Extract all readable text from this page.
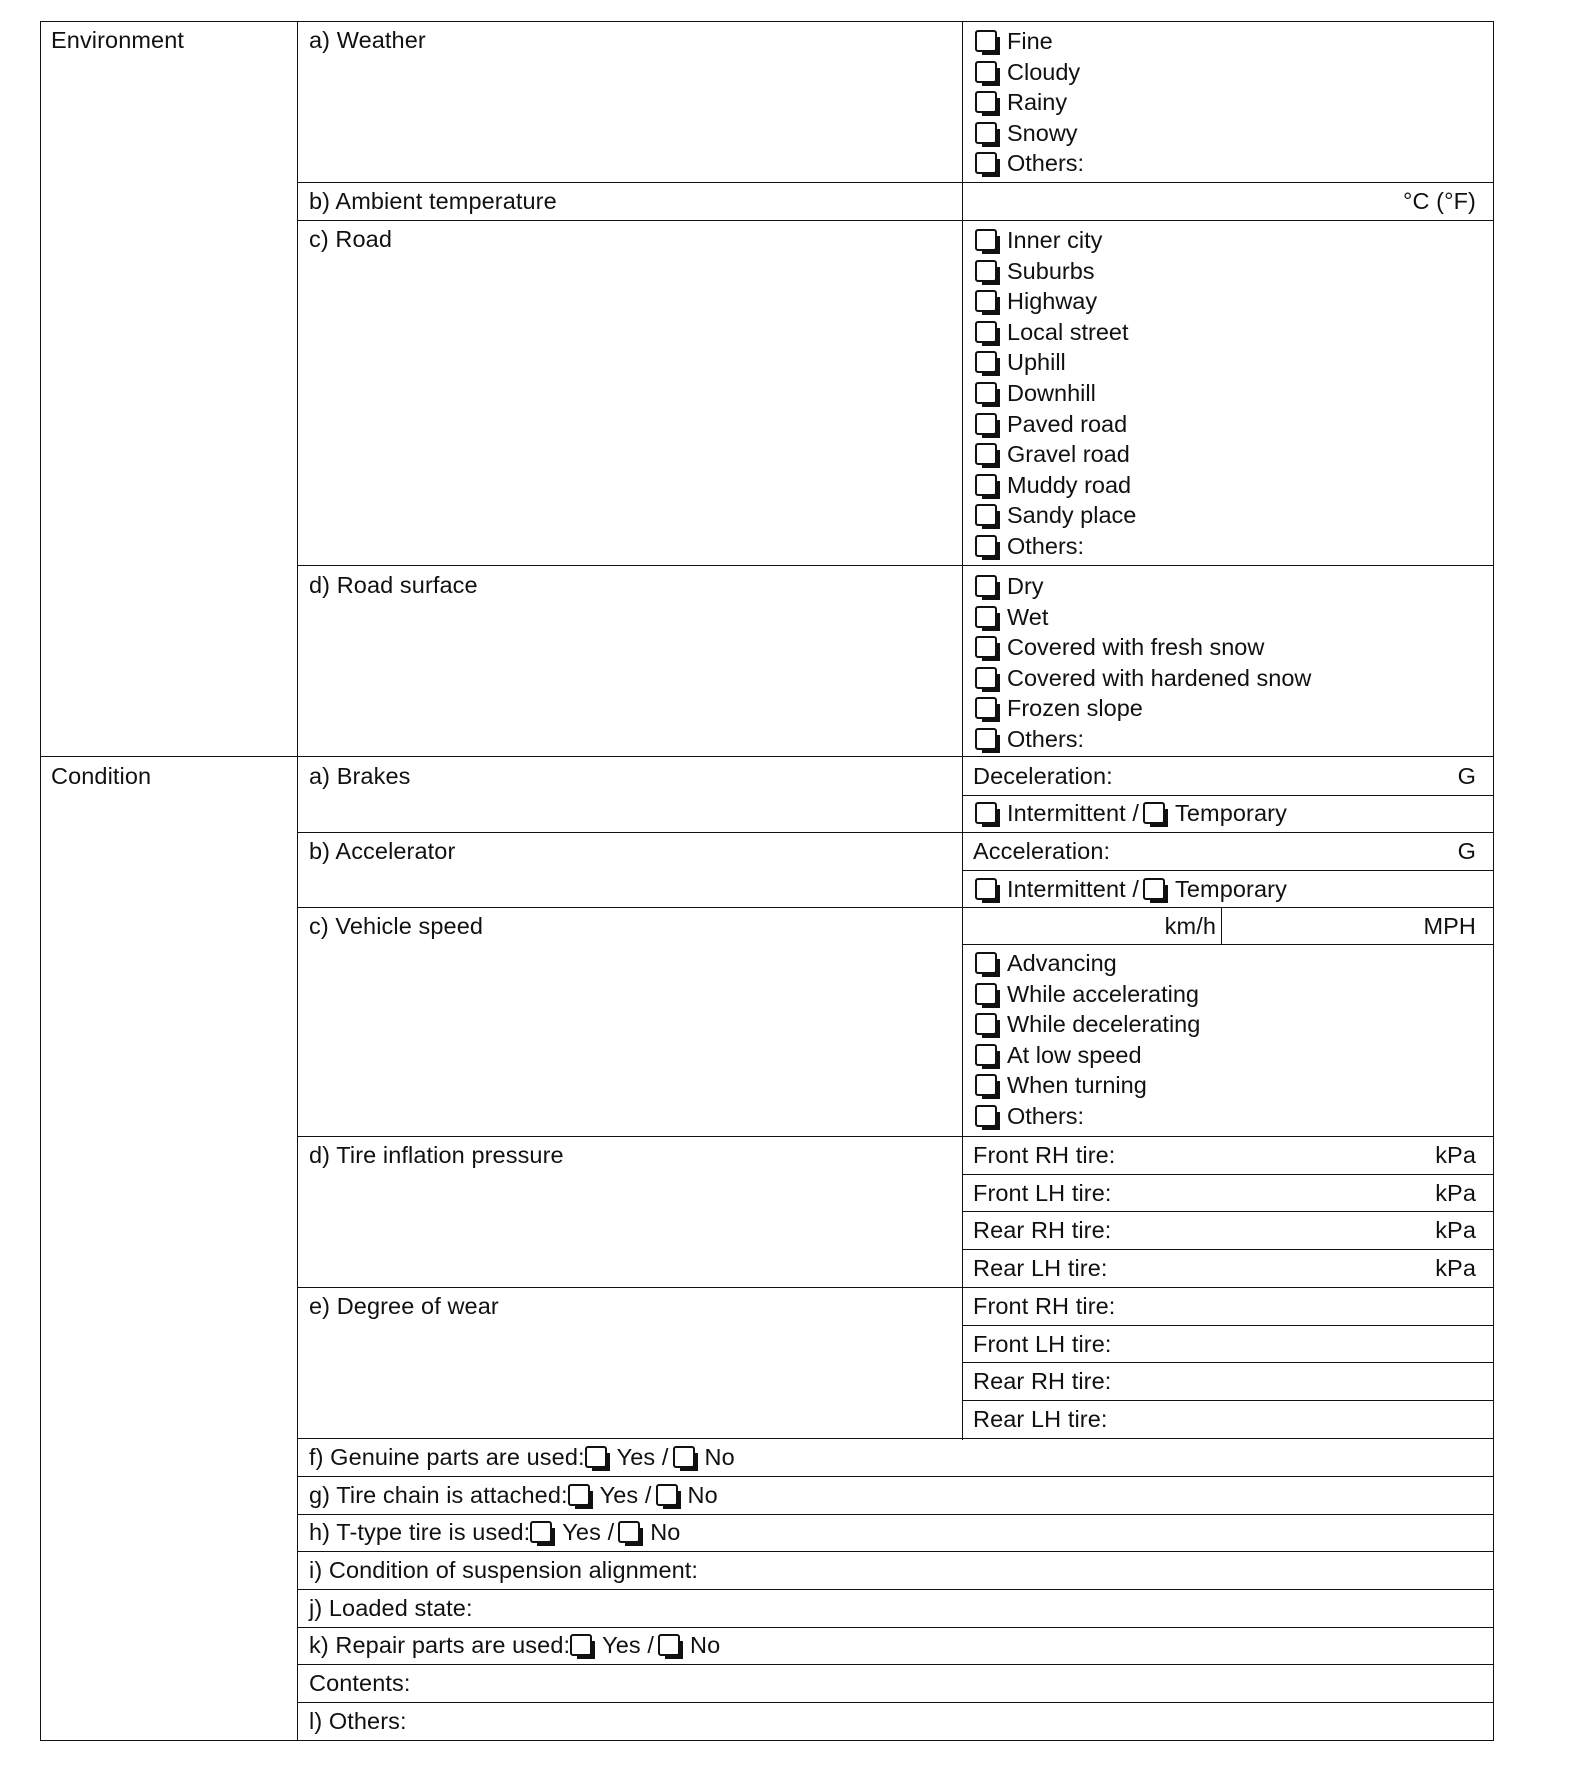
Environment	a) Weather	Fine
Cloudy
Rainy
Snowy
Others:
b) Ambient temperature	°C (°F)
c) Road	Inner city
Suburbs
Highway
Local street
Uphill
Downhill
Paved road
Gravel road
Muddy road
Sandy place
Others:
d) Road surface	Dry
Wet
Covered with fresh snow
Covered with hardened snow
Frozen slope
Others:
Condition	a) Brakes	Deceleration:	G
Intermittent / Temporary
b) Accelerator	Acceleration:	G
Intermittent / Temporary
c) Vehicle speed	km/h	MPH
Advancing
While accelerating
While decelerating
At low speed
When turning
Others:
d) Tire inflation pressure	Front RH tire:	kPa
Front LH tire:	kPa
Rear RH tire:	kPa
Rear LH tire:	kPa
e) Degree of wear	Front RH tire:
Front LH tire:
Rear RH tire:
Rear LH tire:
f) Genuine parts are used: Yes / No
g) Tire chain is attached: Yes / No
h) T-type tire is used: Yes / No
i) Condition of suspension alignment:
j) Loaded state:
k) Repair parts are used: Yes / No
Contents:
l) Others:
